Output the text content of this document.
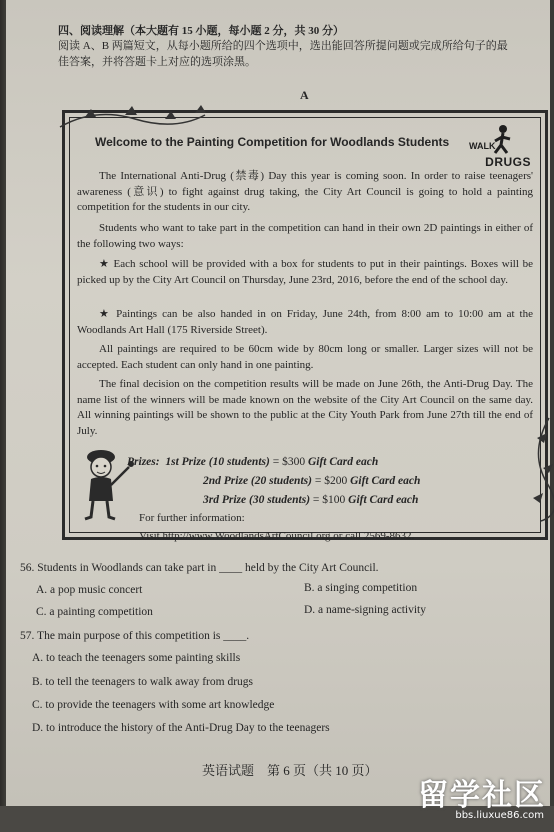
四、阅读理解（本大题有 15 小题，每小题 2 分，共 30 分）
阅读 A、B 两篇短文，从每小题所给的四个选项中，选出能回答所提问题或完成所给句子的最佳答案，并将答题卡上对应的选项涂黑。
A
Welcome to the Painting Competition for Woodlands Students WALK
DRUGS
The International Anti-Drug (禁毒) Day this year is coming soon. In order to raise teenagers' awareness (意识) to fight against drug taking, the City Art Council is going to hold a painting competition for the students in our city.
Students who want to take part in the competition can hand in their own 2D paintings in either of the following two ways:
★ Each school will be provided with a box for students to put in their paintings. Boxes will be picked up by the City Art Council on Thursday, June 23rd, 2016, before the end of the school day.
★ Paintings can be also handed in on Friday, June 24th, from 8:00 am to 10:00 am at the Woodlands Art Hall (175 Riverside Street).
All paintings are required to be 60cm wide by 80cm long or smaller. Larger sizes will not be accepted. Each student can only hand in one painting.
The final decision on the competition results will be made on June 26th, the Anti-Drug Day. The name list of the winners will be made known on the website of the City Art Council on the same day. All winning paintings will be shown to the public at the City Youth Park from June 27th till the end of July.
Prizes: 1st Prize (10 students) = $300 Gift Card each
2nd Prize (20 students) = $200 Gift Card each
3rd Prize (30 students) = $100 Gift Card each
For further information:
Visit http://www.WoodlandsArtCouncil.org or call 2569-8632.
56. Students in Woodlands can take part in ____ held by the City Art Council.
A. a pop music concert	B. a singing competition
C. a painting competition	D. a name-signing activity
57. The main purpose of this competition is ____.
A. to teach the teenagers some painting skills
B. to tell the teenagers to walk away from drugs
C. to provide the teenagers with some art knowledge
D. to introduce the history of the Anti-Drug Day to the teenagers
英语试题　第 6 页（共 10 页）
留学社区
bbs.liuxue86.com
